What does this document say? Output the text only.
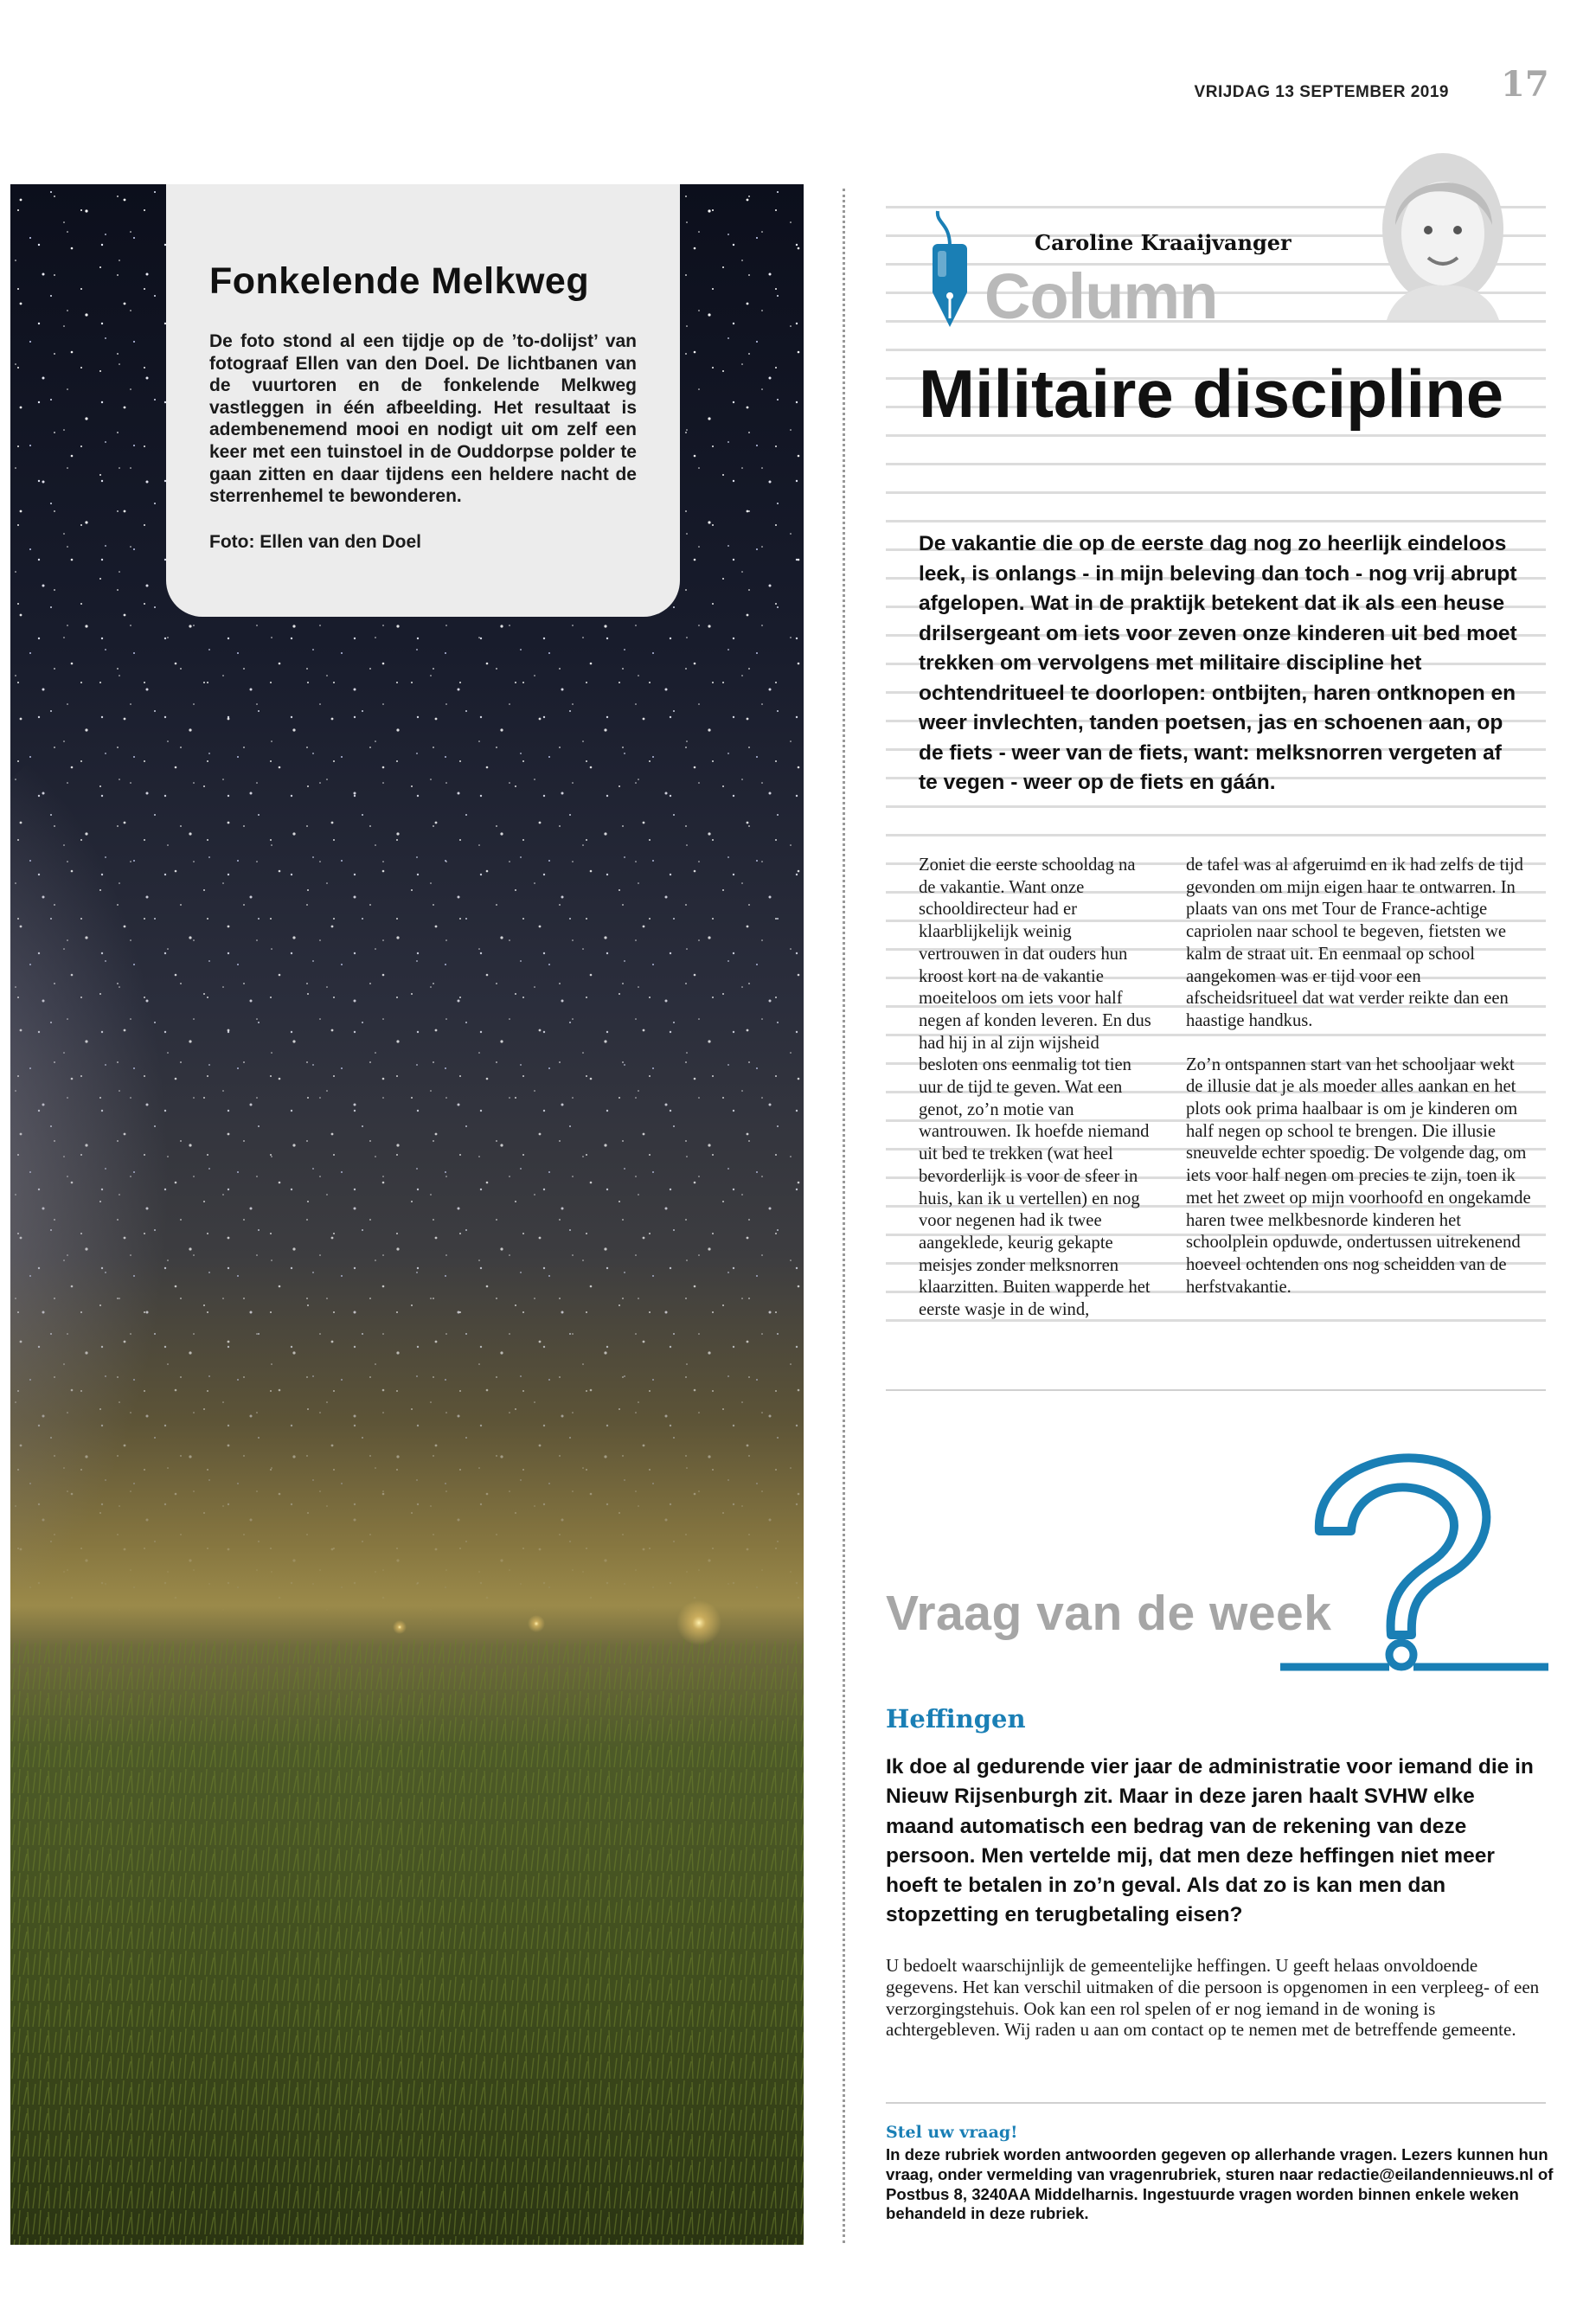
VRIJDAG 13 SEPTEMBER 2019 17
Fonkelende Melkweg

De foto stond al een tijdje op de ’to-dolijst’ van fotograaf Ellen van den Doel. De lichtbanen van de vuurtoren en de fonkelende Melkweg vastleggen in één afbeelding. Het resultaat is adembenemend mooi en nodigt uit om zelf een keer met een tuinstoel in de Ouddorpse polder te gaan zitten en daar tijdens een heldere nacht de sterrenhemel te bewonderen.

Foto: Ellen van den Doel
Caroline Kraaijvanger
Column
Militaire discipline

De vakantie die op de eerste dag nog zo heerlijk eindeloos leek, is onlangs - in mijn beleving dan toch - nog vrij abrupt afgelopen. Wat in de praktijk betekent dat ik als een heuse drilsergeant om iets voor zeven onze kinderen uit bed moet trekken om vervolgens met militaire discipline het ochtendritueel te doorlopen: ontbijten, haren ontknopen en weer invlechten, tanden poetsen, jas en schoenen aan, op de fiets - weer van de fiets, want: melksnorren vergeten af te vegen - weer op de fiets en gáán.

Zoniet die eerste schooldag na de vakantie. Want onze schooldirecteur had er klaarblijkelijk weinig vertrouwen in dat ouders hun kroost kort na de vakantie moeiteloos om iets voor half negen af konden leveren. En dus had hij in al zijn wijsheid besloten ons eenmalig tot tien uur de tijd te geven. Wat een genot, zo’n motie van wantrouwen. Ik hoefde niemand uit bed te trekken (wat heel bevorderlijk is voor de sfeer in huis, kan ik u vertellen) en nog voor negenen had ik twee aangeklede, keurig gekapte meisjes zonder melksnorren klaarzitten. Buiten wapperde het eerste wasje in de wind,

de tafel was al afgeruimd en ik had zelfs de tijd gevonden om mijn eigen haar te ontwarren. In plaats van ons met Tour de France-achtige capriolen naar school te begeven, fietsten we kalm de straat uit. En eenmaal op school aangekomen was er tijd voor een afscheidsritueel dat wat verder reikte dan een haastige handkus.

Zo’n ontspannen start van het schooljaar wekt de illusie dat je als moeder alles aankan en het plots ook prima haalbaar is om je kinderen om half negen op school te brengen. Die illusie sneuvelde echter spoedig. De volgende dag, om iets voor half negen om precies te zijn, toen ik met het zweet op mijn voorhoofd en ongekamde haren twee melkbesnorde kinderen het schoolplein opduwde, ondertussen uitrekenend hoeveel ochtenden ons nog scheidden van de herfstvakantie.

Vraag van de week
Heffingen

Ik doe al gedurende vier jaar de administratie voor iemand die in Nieuw Rijsenburgh zit. Maar in deze jaren haalt SVHW elke maand automatisch een bedrag van de rekening van deze persoon. Men vertelde mij, dat men deze heffingen niet meer hoeft te betalen in zo’n geval. Als dat zo is kan men dan stopzetting en terugbetaling eisen?

U bedoelt waarschijnlijk de gemeentelijke heffingen. U geeft helaas onvoldoende gegevens. Het kan verschil uitmaken of die persoon is opgenomen in een verpleeg- of een verzorgingstehuis. Ook kan een rol spelen of er nog iemand in de woning is achtergebleven. Wij raden u aan om contact op te nemen met de betreffende gemeente.

Stel uw vraag!

In deze rubriek worden antwoorden gegeven op allerhande vragen. Lezers kunnen hun vraag, onder vermelding van vragenrubriek, sturen naar redactie@eilandennieuws.nl of Postbus 8, 3240AA Middelharnis. Ingestuurde vragen worden binnen enkele weken behandeld in deze rubriek.
